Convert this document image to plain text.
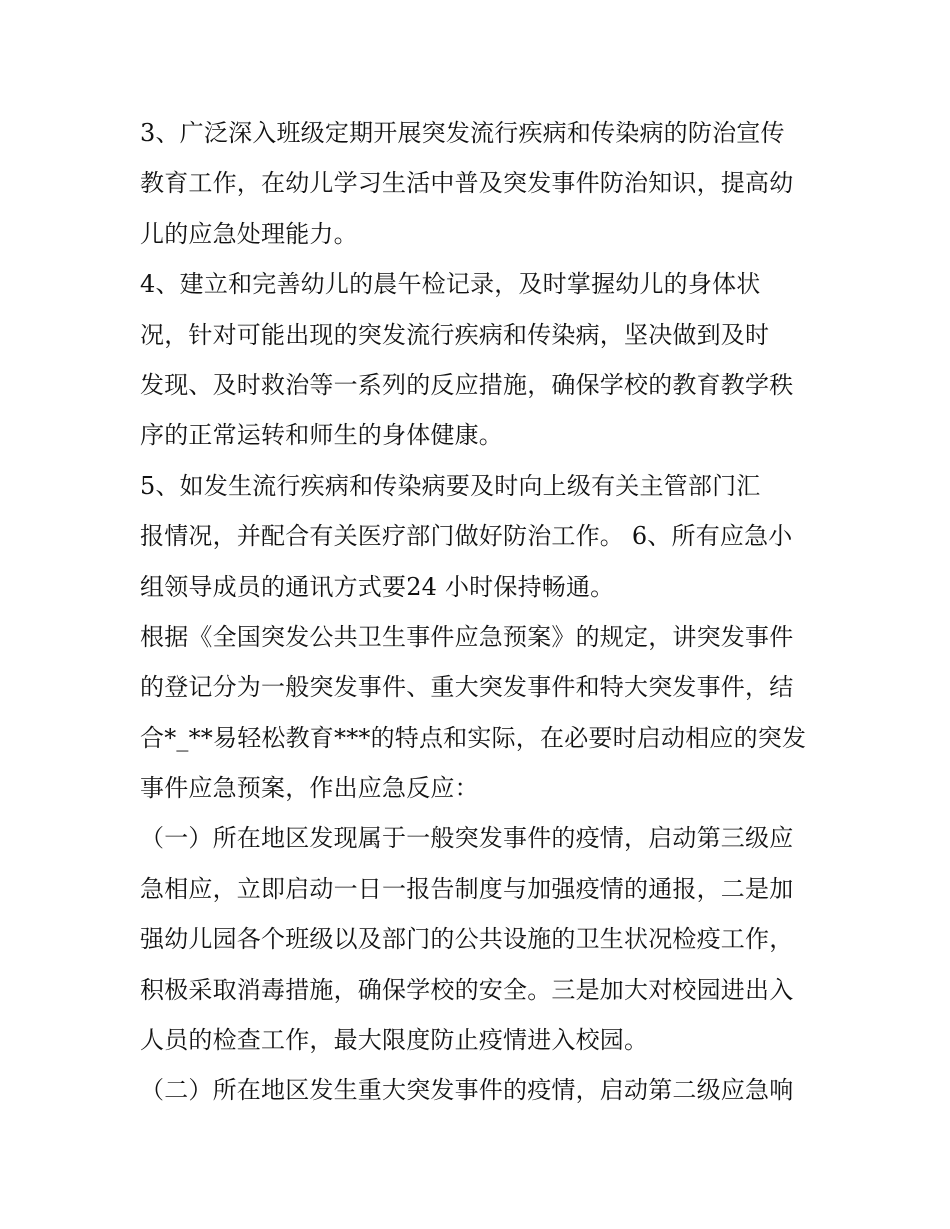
3、广泛深入班级定期开展突发流行疾病和传染病的防治宣传
教育工作，在幼儿学习生活中普及突发事件防治知识，提高幼
儿的应急处理能力。
4、建立和完善幼儿的晨午检记录，及时掌握幼儿的身体状
况，针对可能出现的突发流行疾病和传染病，坚决做到及时
发现、及时救治等一系列的反应措施，确保学校的教育教学秩
序的正常运转和师生的身体健康。
5、如发生流行疾病和传染病要及时向上级有关主管部门汇
报情况，并配合有关医疗部门做好防治工作。 6、所有应急小
组领导成员的通讯方式要24 小时保持畅通。
根据《全国突发公共卫生事件应急预案》的规定，讲突发事件
的登记分为一般突发事件、重大突发事件和特大突发事件，结
合*_**易轻松教育***的特点和实际，在必要时启动相应的突发
事件应急预案，作出应急反应：
（一）所在地区发现属于一般突发事件的疫情，启动第三级应
急相应，立即启动一日一报告制度与加强疫情的通报，二是加
强幼儿园各个班级以及部门的公共设施的卫生状况检疫工作，
积极采取消毒措施，确保学校的安全。三是加大对校园进出入
人员的检查工作，最大限度防止疫情进入校园。
（二）所在地区发生重大突发事件的疫情，启动第二级应急响
